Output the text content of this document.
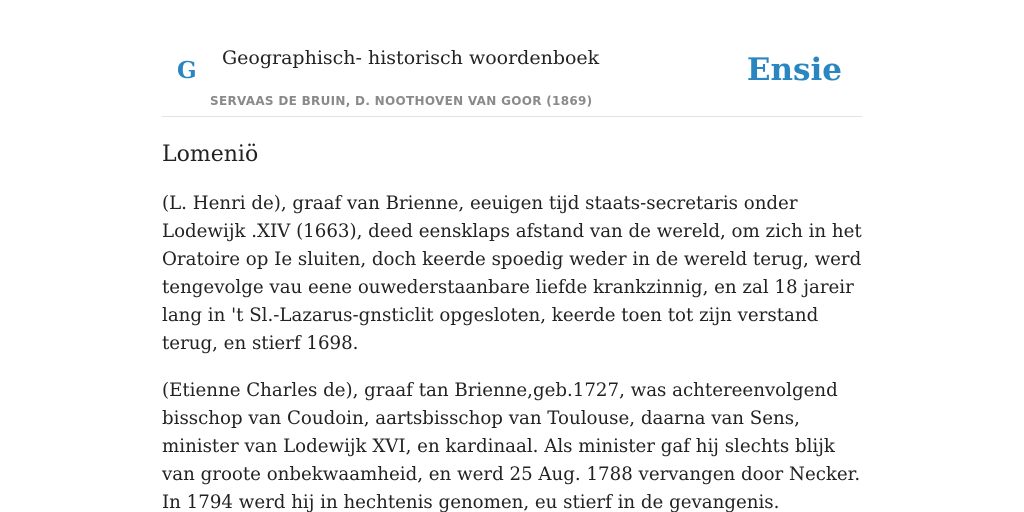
G Geographisch- historisch woordenboek
SERVAAS DE BRUIN, D. NOOTHOVEN VAN GOOR (1869)
Ensie
Lomeniö

(L. Henri de), graaf van Brienne, eeuigen tijd staats-secretaris onder Lodewijk .XIV (1663), deed eensklaps afstand van de wereld, om zich in het Oratoire op Ie sluiten, doch keerde spoedig weder in de wereld terug, werd tengevolge vau eene ouwederstaanbare liefde krankzinnig, en zal 18 jareir lang in 't Sl.-Lazarus-gnsticlit opgesloten, keerde toen tot zijn verstand terug, en stierf 1698.

(Etienne Charles de), graaf tan Brienne,geb.1727, was achtereenvolgend bisschop van Coudoin, aartsbisschop van Toulouse, daarna van Sens, minister van Lodewijk XVI, en kardinaal. Als minister gaf hij slechts blijk van groote onbekwaamheid, en werd 25 Aug. 1788 vervangen door Necker. In 1794 werd hij in hechtenis genomen, eu stierf in de gevangenis.
